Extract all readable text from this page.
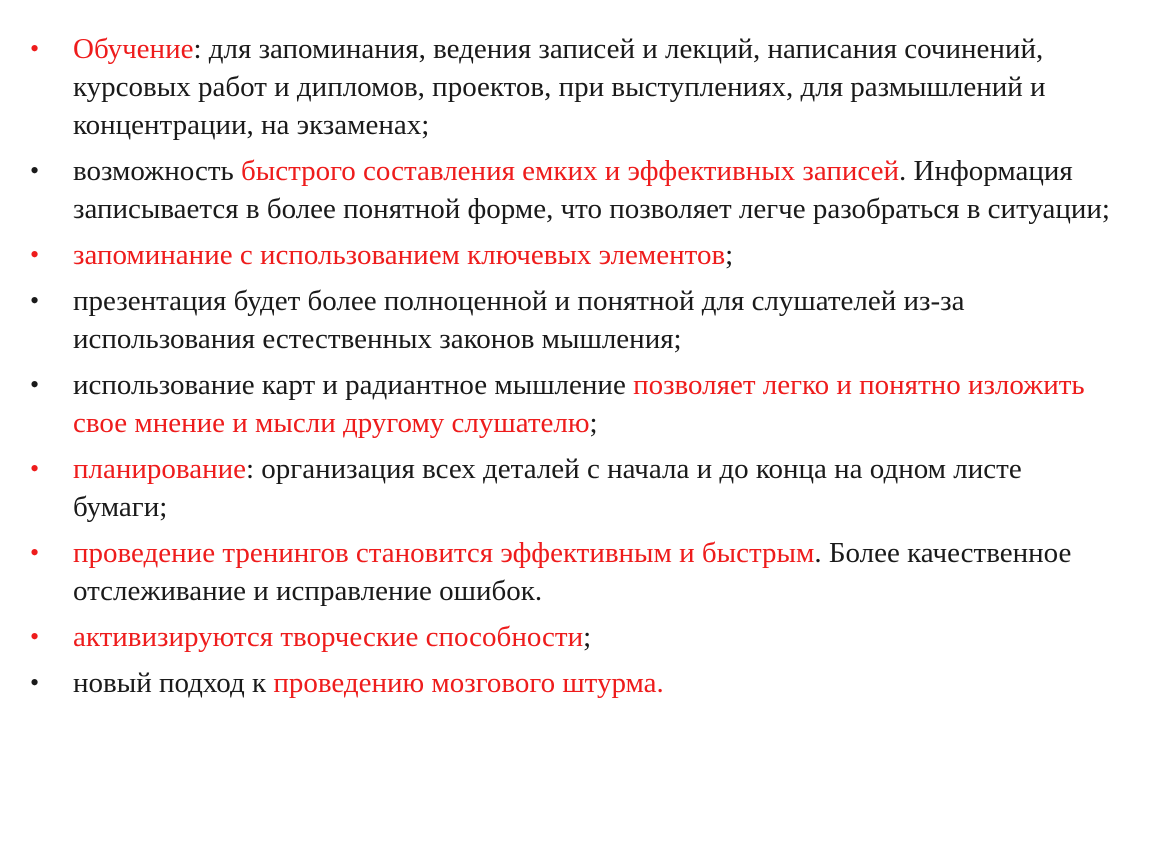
•	Обучение: для запоминания, ведения записей и лекций, написания сочинений, курсовых работ и дипломов, проектов, при выступлениях, для размышлений и концентрации, на экзаменах;
•	возможность быстрого составления емких и эффективных записей. Информация записывается в более понятной форме, что позволяет легче разобраться в ситуации;
•	запоминание с использованием ключевых элементов;
•	презентация будет более полноценной и понятной для слушателей из-за использования естественных законов мышления;
•	использование карт и радиантное мышление позволяет легко и понятно изложить свое мнение и мысли другому слушателю;
•	планирование: организация всех деталей с начала и до конца на одном листе бумаги;
•	проведение тренингов становится эффективным и быстрым. Более качественное отслеживание и исправление ошибок.
•	активизируются творческие способности;
•	новый подход к проведению мозгового штурма.
